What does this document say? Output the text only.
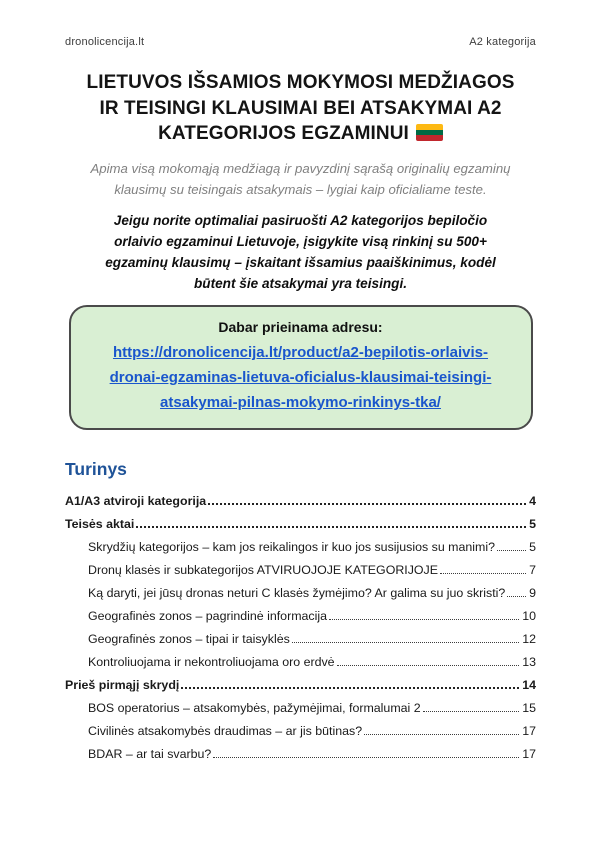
dronolicencija.lt	A2 kategorija
LIETUVOS IŠSAMIOS MOKYMOSI MEDŽIAGOS
IR TEISINGI KLAUSIMAI BEI ATSAKYMAI A2
KATEGORIJOS EGZAMINUI

Apima visą mokomąją medžiagą ir pavyzdinį sąrašą originalių egzaminų klausimų su teisingais atsakymais – lygiai kaip oficialiame teste.

Jeigu norite optimaliai pasiruošti A2 kategorijos bepiločio orlaivio egzaminui Lietuvoje, įsigykite visą rinkinį su 500+ egzaminų klausimų – įskaitant išsamius paaiškinimus, kodėl būtent šie atsakymai yra teisingi.

Dabar prieinama adresu:
https://dronolicencija.lt/product/a2-bepilotis-orlaivis-dronai-egzaminas-lietuva-oficialus-klausimai-teisingi-atsakymai-pilnas-mokymo-rinkinys-tka/
Turinys
A1/A3 atviroji kategorija	4
Teisės aktai	5
Skrydžių kategorijos – kam jos reikalingos ir kuo jos susijusios su manimi?	5
Dronų klasės ir subkategorijos ATVIRUOJOJE KATEGORIJOJE	7
Ką daryti, jei jūsų dronas neturi C klasės žymėjimo? Ar galima su juo skristi? 9
Geografinės zonos – pagrindinė informacija	10
Geografinės zonos – tipai ir taisyklės	12
Kontroliuojama ir nekontroliuojama oro erdvė	13
Prieš pirmąjį skrydį	14
BOS operatorius – atsakomybės, pažymėjimai, formalumai 2	15
Civilinės atsakomybės draudimas – ar jis būtinas?	17
BDAR – ar tai svarbu?	17
